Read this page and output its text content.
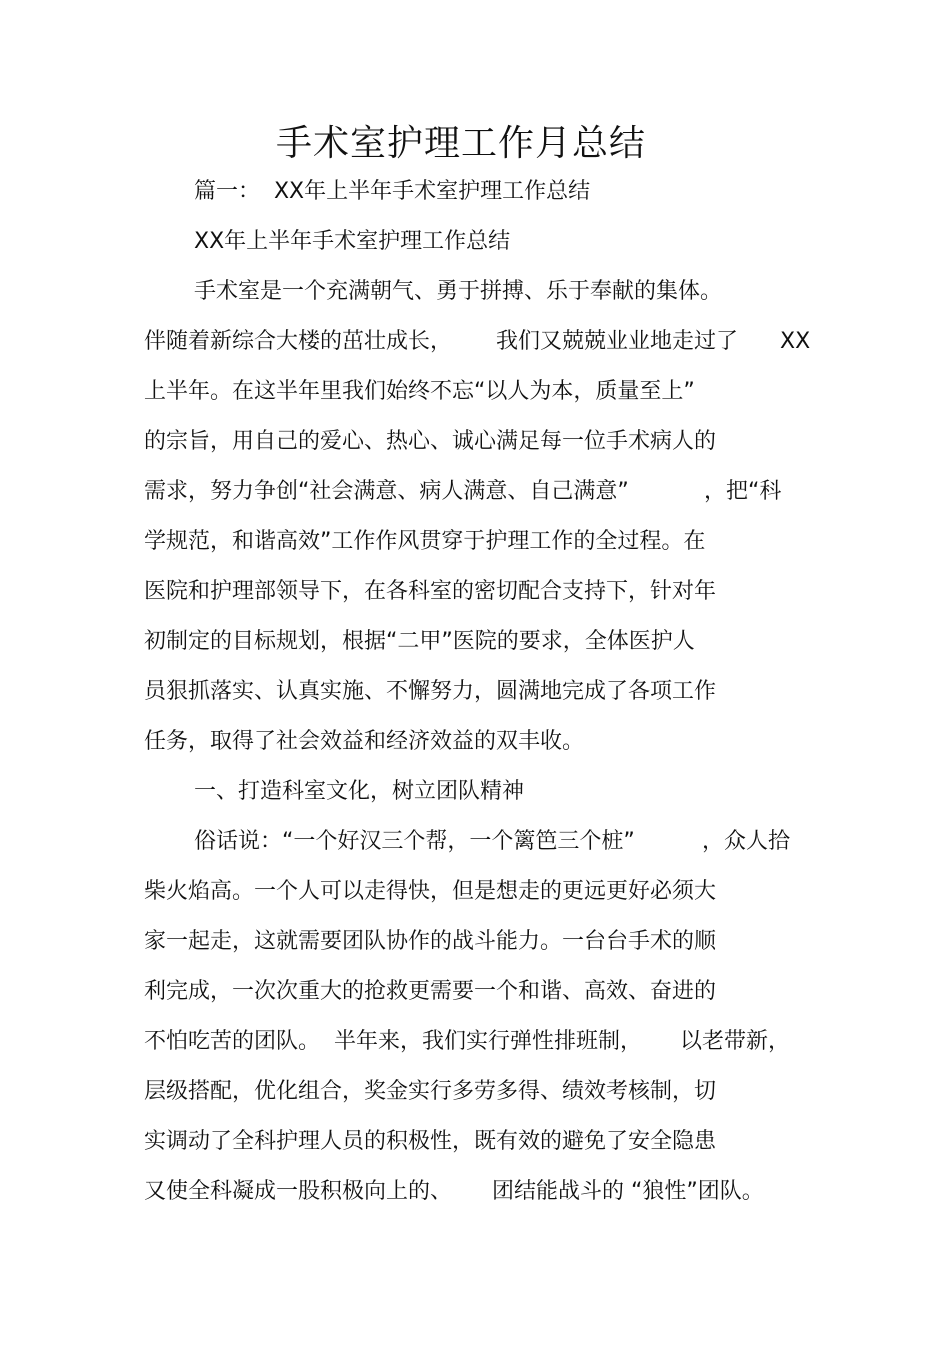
手术室护理工作月总结
篇一：  XX年上半年手术室护理工作总结
XX年上半年手术室护理工作总结
手术室是一个充满朝气、勇于拼搏、乐于奉献的集体。

伴随着新综合大楼的茁壮成长，

我们又兢兢业业地走过了

XX

上半年。在这半年里我们始终不忘“以人为本，质量至上”
的宗旨，用自己的爱心、热心、诚心满足每一位手术病人的

需求，努力争创“社会满意、病人满意、自己满意”

	，把“科

学规范，和谐高效”工作作风贯穿于护理工作的全过程。在
医院和护理部领导下，在各科室的密切配合支持下，针对年
初制定的目标规划，根据“二甲”医院的要求，全体医护人
员狠抓落实、认真实施、不懈努力，圆满地完成了各项工作
任务，取得了社会效益和经济效益的双丰收。
一、打造科室文化，树立团队精神

俗话说：“一个好汉三个帮，一个篱笆三个桩”

	，众人拾

柴火焰高。一个人可以走得快，但是想走的更远更好必须大
家一起走，这就需要团队协作的战斗能力。一台台手术的顺
利完成，一次次重大的抢救更需要一个和谐、高效、奋进的

不怕吃苦的团队。  半年来，我们实行弹性排班制，

以老带新，

层级搭配，优化组合，奖金实行多劳多得、绩效考核制，切
实调动了全科护理人员的积极性，既有效的避免了安全隐患

又使全科凝成一股积极向上的、

团结能战斗的 “狼性”团队。
